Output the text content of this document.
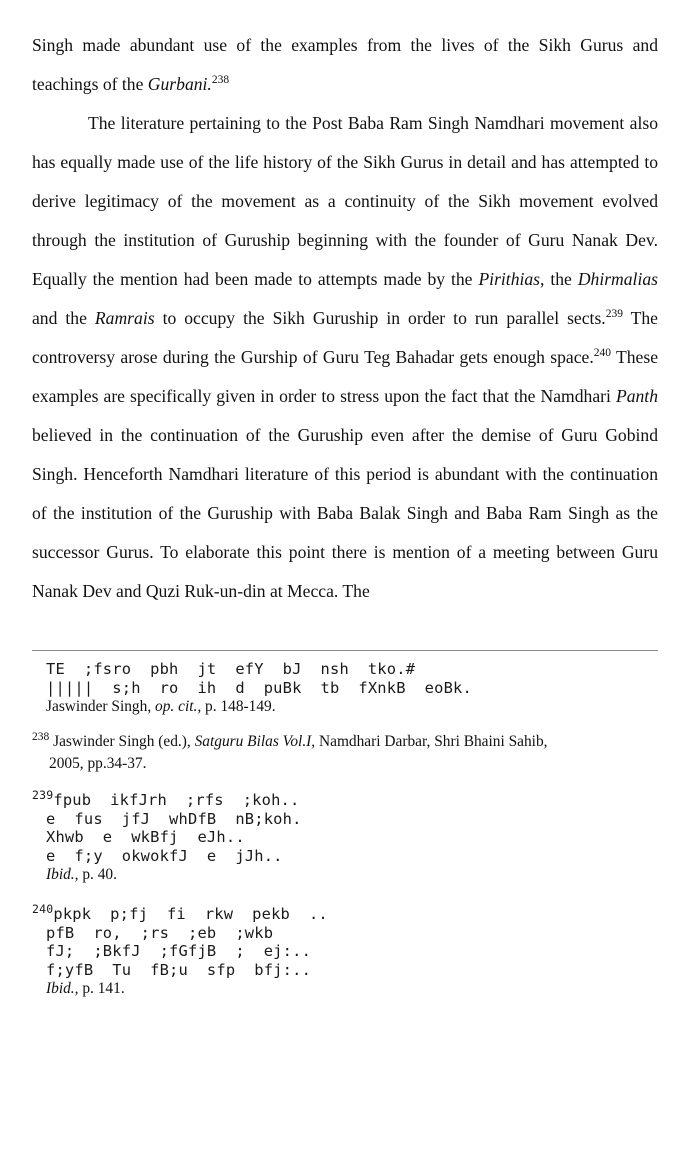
Singh made abundant use of the examples from the lives of the Sikh Gurus and teachings of the Gurbani.$^{238}$

The literature pertaining to the Post Baba Ram Singh Namdhari movement also has equally made use of the life history of the Sikh Gurus in detail and has attempted to derive legitimacy of the movement as a continuity of the Sikh movement evolved through the institution of Guruship beginning with the founder of Guru Nanak Dev. Equally the mention had been made to attempts made by the Pirithias, the Dhirmalias and the Ramrais to occupy the Sikh Guruship in order to run parallel sects.$^{239}$ The controversy arose during the Gurship of Guru Teg Bahadar gets enough space.$^{240}$ These examples are specifically given in order to stress upon the fact that the Namdhari Panth believed in the continuation of the Guruship even after the demise of Guru Gobind Singh. Henceforth Namdhari literature of this period is abundant with the continuation of the institution of the Guruship with Baba Balak Singh and Baba Ram Singh as the successor Gurus. To elaborate this point there is mention of a meeting between Guru Nanak Dev and Quzi Ruk-un-din at Mecca. The

TE  ;fsro  pbh  jt  efY  bJ  nsh  tko.#
|||||  s;h  ro  ih  d  puBk  tb  fXnkB  eoBk.
Jaswinder Singh, op. cit., p. 148-149.
$^{238}$ Jaswinder Singh (ed.), Satguru Bilas Vol.I, Namdhari Darbar, Shri Bhaini Sahib,
2005, pp.34-37.
$^{239}$fpub  ikfJrh  ;rfs  ;koh..
e  fus  jfJ  whDfB  nB;koh.
Xhwb  e  wkBfj  eJh..
e  f;y  okwokfJ  e  jJh..
Ibid., p. 40.
$^{240}$pkpk  p;fj  fi  rkw  pekb  ..
pfB  ro,  ;rs  ;eb  ;wkb
fJ;  ;BkfJ  ;fGfjB  ;  ej:..
f;yfB  Tu  fB;u  sfp  bfj:..
Ibid., p. 141.
